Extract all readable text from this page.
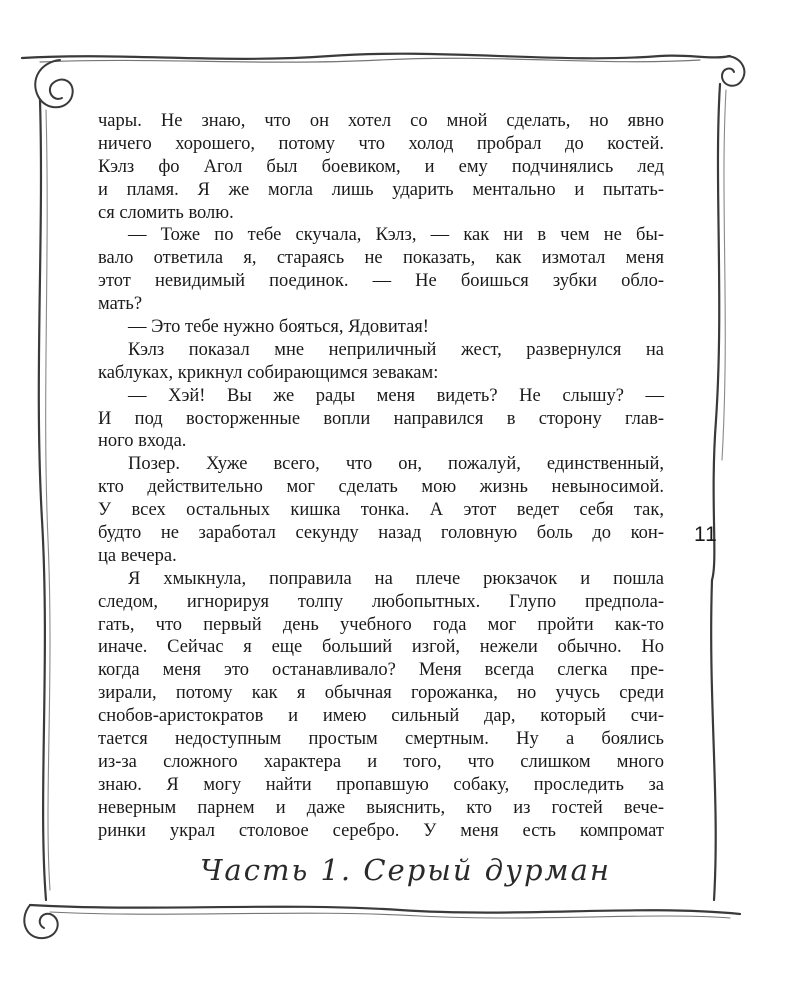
чары. Не знаю, что он хотел со мной сделать, но явно
ничего хорошего, потому что холод пробрал до костей.
Кэлз фо Агол был боевиком, и ему подчинялись лед
и пламя. Я же могла лишь ударить ментально и пытать-
ся сломить волю.
— Тоже по тебе скучала, Кэлз, — как ни в чем не бы-
вало ответила я, стараясь не показать, как измотал меня
этот невидимый поединок. — Не боишься зубки обло-
мать?
— Это тебе нужно бояться, Ядовитая!
Кэлз показал мне неприличный жест, развернулся на
каблуках, крикнул собирающимся зевакам:
— Хэй! Вы же рады меня видеть? Не слышу? —
И под восторженные вопли направился в сторону глав-
ного входа.
Позер. Хуже всего, что он, пожалуй, единственный,
кто действительно мог сделать мою жизнь невыносимой.
У всех остальных кишка тонка. А этот ведет себя так,
будто не заработал секунду назад головную боль до кон-
ца вечера.
Я хмыкнула, поправила на плече рюкзачок и пошла
следом, игнорируя толпу любопытных. Глупо предпола-
гать, что первый день учебного года мог пройти как-то
иначе. Сейчас я еще больший изгой, нежели обычно. Но
когда меня это останавливало? Меня всегда слегка пре-
зирали, потому как я обычная горожанка, но учусь среди
снобов-аристократов и имею сильный дар, который счи-
тается недоступным простым смертным. Ну а боялись
из-за сложного характера и того, что слишком много
знаю. Я могу найти пропавшую собаку, проследить за
неверным парнем и даже выяснить, кто из гостей вече-
ринки украл столовое серебро. У меня есть компромат
11
Часть 1. Серый дурман
